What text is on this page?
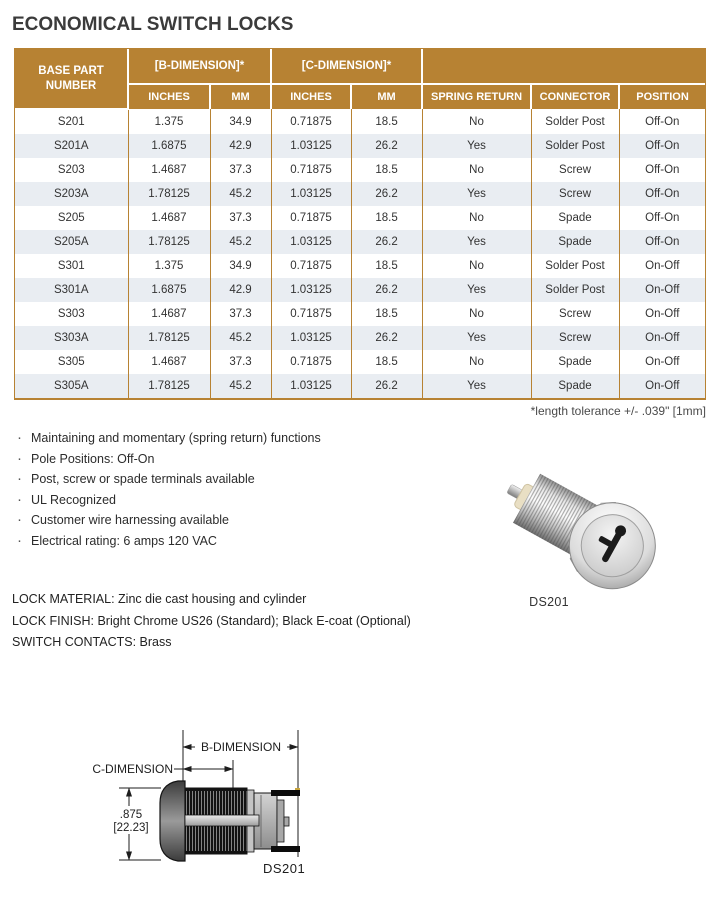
ECONOMICAL SWITCH LOCKS
BASE PART NUMBER	[B-DIMENSION]*		[C-DIMENSION]*				
	INCHES	MM	INCHES	MM	SPRING RETURN	CONNECTOR	POSITION
S201	1.375	34.9	0.71875	18.5	No	Solder Post	Off-On
S201A	1.6875	42.9	1.03125	26.2	Yes	Solder Post	Off-On
S203	1.4687	37.3	0.71875	18.5	No	Screw	Off-On
S203A	1.78125	45.2	1.03125	26.2	Yes	Screw	Off-On
S205	1.4687	37.3	0.71875	18.5	No	Spade	Off-On
S205A	1.78125	45.2	1.03125	26.2	Yes	Spade	Off-On
S301	1.375	34.9	0.71875	18.5	No	Solder Post	On-Off
S301A	1.6875	42.9	1.03125	26.2	Yes	Solder Post	On-Off
S303	1.4687	37.3	0.71875	18.5	No	Screw	On-Off
S303A	1.78125	45.2	1.03125	26.2	Yes	Screw	On-Off
S305	1.4687	37.3	0.71875	18.5	No	Spade	On-Off
S305A	1.78125	45.2	1.03125	26.2	Yes	Spade	On-Off
*length tolerance +/- .039" [1mm]
· Maintaining and momentary (spring return) functions
· Pole Positions: Off-On
· Post, screw or spade terminals available
· UL Recognized
· Customer wire harnessing available
· Electrical rating: 6 amps 120 VAC
DS201

LOCK MATERIAL: Zinc die cast housing and cylinder

LOCK FINISH: Bright Chrome US26 (Standard); Black E-coat (Optional)

SWITCH CONTACTS: Brass

B-DIMENSION
C-DIMENSION
.875
[22.23]
DS201
